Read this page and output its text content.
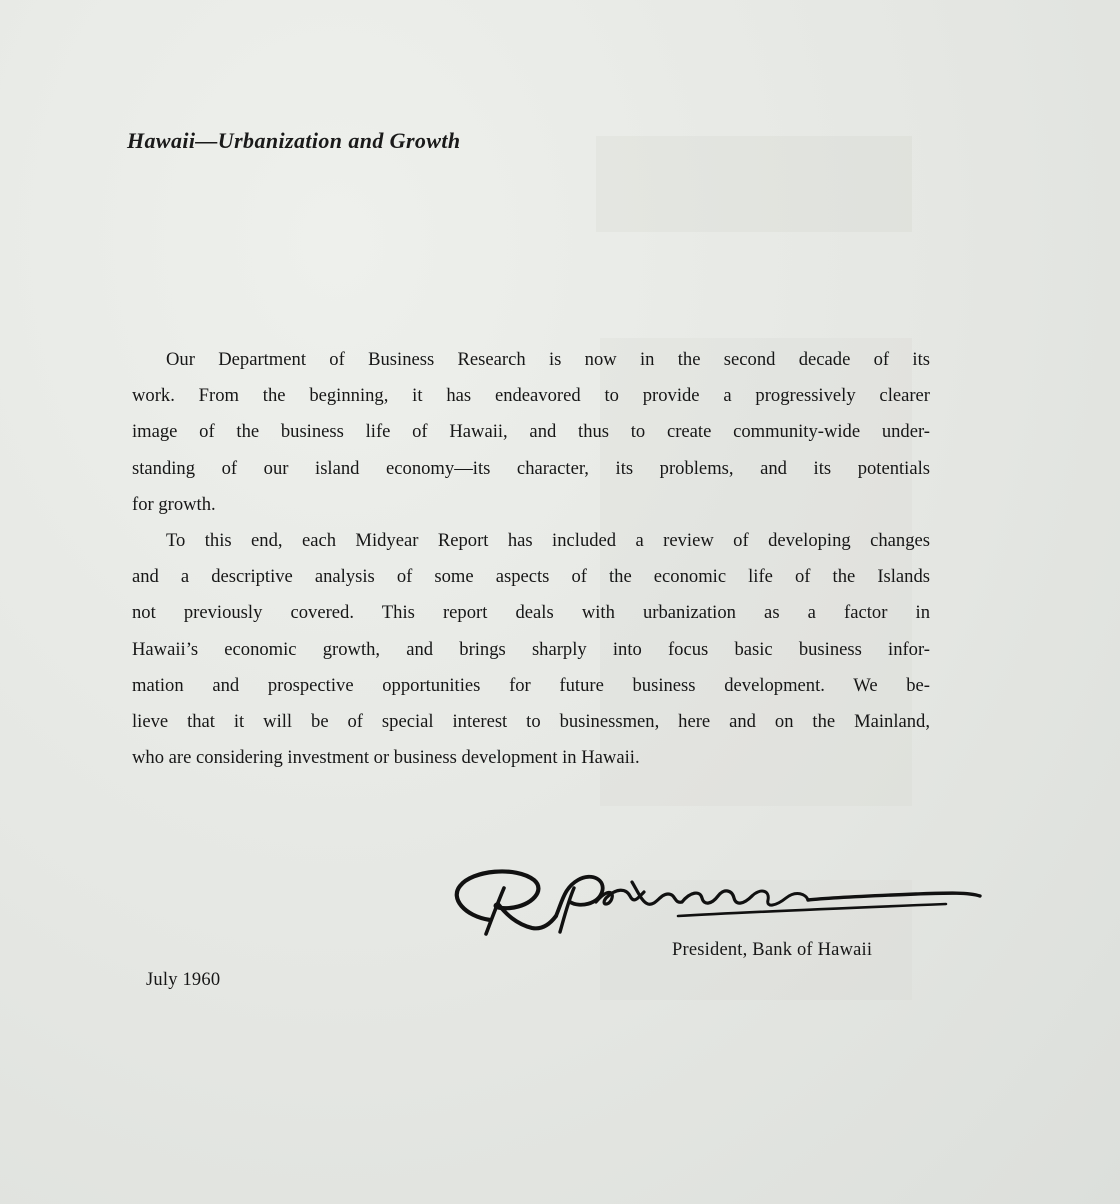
Hawaii—Urbanization and Growth

Our Department of Business Research is now in the second decade of its
work. From the beginning, it has endeavored to provide a progressively clearer
image of the business life of Hawaii, and thus to create community-wide under-
standing of our island economy—its character, its problems, and its potentials
for growth.

To this end, each Midyear Report has included a review of developing changes
and a descriptive analysis of some aspects of the economic life of the Islands
not previously covered. This report deals with urbanization as a factor in
Hawaii’s economic growth, and brings sharply into focus basic business infor-
mation and prospective opportunities for future business development. We be-
lieve that it will be of special interest to businessmen, here and on the Mainland,
who are considering investment or business development in Hawaii.

President, Bank of Hawaii
July 1960
